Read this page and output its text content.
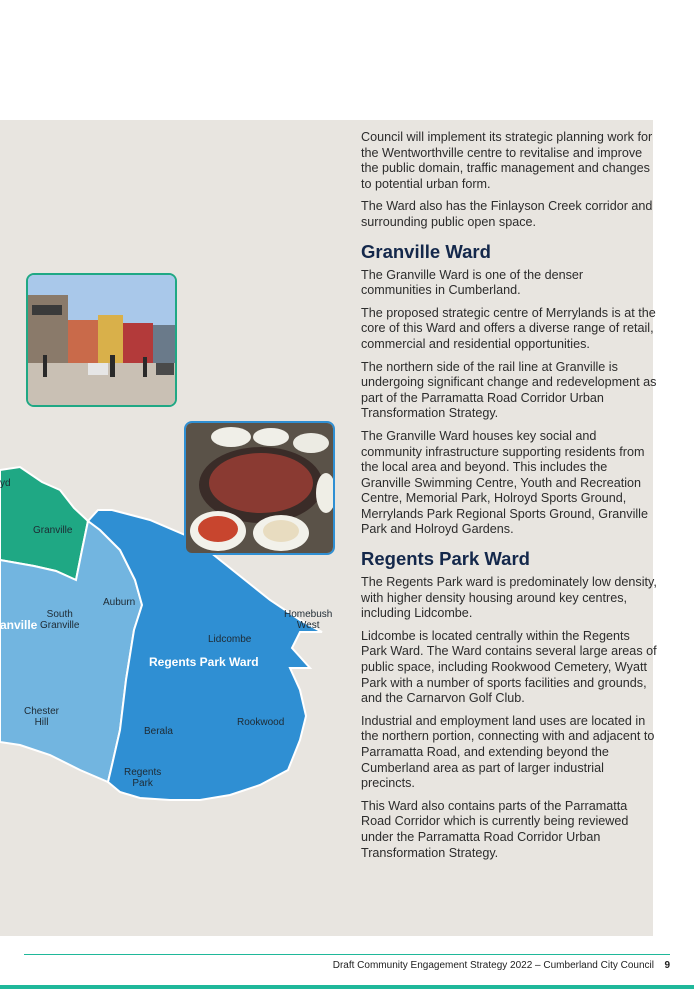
yd
Granville
Auburn
South
Granville
anville
Homebush
West
Lidcombe
Regents Park Ward
Chester
Hill	Rookwood
Berala
Regents
Park

Council will implement its strategic planning work for the Wentworthville centre to revitalise and improve the public domain, traffic management and changes to potential urban form.

The Ward also has the Finlayson Creek corridor and surrounding public open space.

Granville Ward

The Granville Ward is one of the denser communities in Cumberland.

The proposed strategic centre of Merrylands is at the core of this Ward and offers a diverse range of retail, commercial and residential opportunities.

The northern side of the rail line at Granville is undergoing significant change and redevelopment as part of the Parramatta Road Corridor Urban Transformation Strategy.

The Granville Ward houses key social and community infrastructure supporting residents from the local area and beyond. This includes the Granville Swimming Centre, Youth and Recreation Centre, Memorial Park, Holroyd Sports Ground, Merrylands Park Regional Sports Ground, Granville Park and Holroyd Gardens.

Regents Park Ward

The Regents Park ward is predominately low density, with higher density housing around key centres, including Lidcombe.

Lidcombe is located centrally within the Regents Park Ward. The Ward contains several large areas of public space, including Rookwood Cemetery, Wyatt Park with a number of sports facilities and grounds, and the Carnarvon Golf Club.

Industrial and employment land uses are located in the northern portion, connecting with and adjacent to Parramatta Road, and extending beyond the Cumberland area as part of larger industrial precincts.

This Ward also contains parts of the Parramatta Road Corridor which is currently being reviewed under the Parramatta Road Corridor Urban Transformation Strategy.

Draft Community Engagement Strategy 2022 – Cumberland City Council 9
